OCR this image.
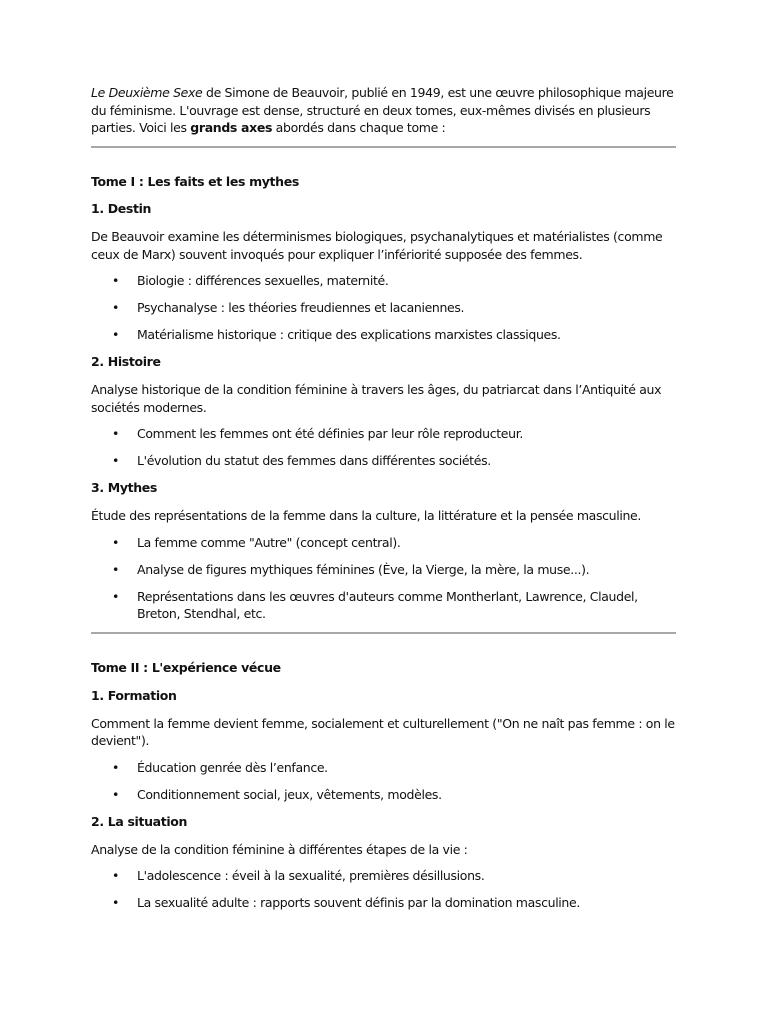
Le Deuxième Sexe de Simone de Beauvoir, publié en 1949, est une œuvre philosophique majeure du féminisme. L'ouvrage est dense, structuré en deux tomes, eux-mêmes divisés en plusieurs parties. Voici les grands axes abordés dans chaque tome :

Tome I : Les faits et les mythes

1. Destin

De Beauvoir examine les déterminismes biologiques, psychanalytiques et matérialistes (comme ceux de Marx) souvent invoqués pour expliquer l’infériorité supposée des femmes.

• Biologie : différences sexuelles, maternité.
• Psychanalyse : les théories freudiennes et lacaniennes.
• Matérialisme historique : critique des explications marxistes classiques.

2. Histoire

Analyse historique de la condition féminine à travers les âges, du patriarcat dans l’Antiquité aux sociétés modernes.

• Comment les femmes ont été définies par leur rôle reproducteur.
• L'évolution du statut des femmes dans différentes sociétés.

3. Mythes

Étude des représentations de la femme dans la culture, la littérature et la pensée masculine.

• La femme comme "Autre" (concept central).
• Analyse de figures mythiques féminines (Ève, la Vierge, la mère, la muse...).
• Représentations dans les œuvres d'auteurs comme Montherlant, Lawrence, Claudel, Breton, Stendhal, etc.

Tome II : L'expérience vécue

1. Formation

Comment la femme devient femme, socialement et culturellement ("On ne naît pas femme : on le devient").

• Éducation genrée dès l’enfance.
• Conditionnement social, jeux, vêtements, modèles.

2. La situation

Analyse de la condition féminine à différentes étapes de la vie :

• L'adolescence : éveil à la sexualité, premières désillusions.
• La sexualité adulte : rapports souvent définis par la domination masculine.
